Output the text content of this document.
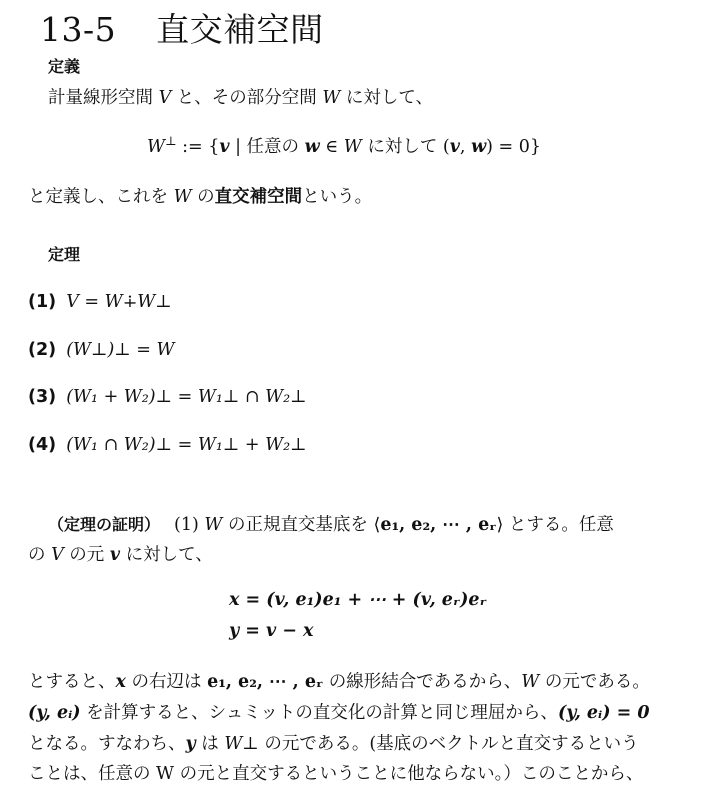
13-5 直交補空間
定義
計量線形空間 V と、その部分空間 W に対して、
W⊥ := {v | 任意の w ∈ W に対して (v, w) = 0}
と定義し、これを W の直交補空間という。
定理
(1) V = W∔W⊥
(2) (W⊥)⊥ = W
(3) (W₁ + W₂)⊥ = W₁⊥ ∩ W₂⊥
(4) (W₁ ∩ W₂)⊥ = W₁⊥ + W₂⊥
（定理の証明） (1) W の正規直交基底を ⟨e₁, e₂, ⋯ , eᵣ⟩ とする。任意
の V の元 v に対して、
x = (v, e₁)e₁ + ⋯ + (v, eᵣ)eᵣ
y = v − x
とすると、x の右辺は e₁, e₂, ⋯ , eᵣ の線形結合であるから、W の元である。
(y, eᵢ) を計算すると、シュミットの直交化の計算と同じ理屈から、(y, eᵢ) = 0
となる。すなわち、y は W⊥ の元である。(基底のベクトルと直交するという
ことは、任意の W の元と直交するということに他ならない。）このことから、
